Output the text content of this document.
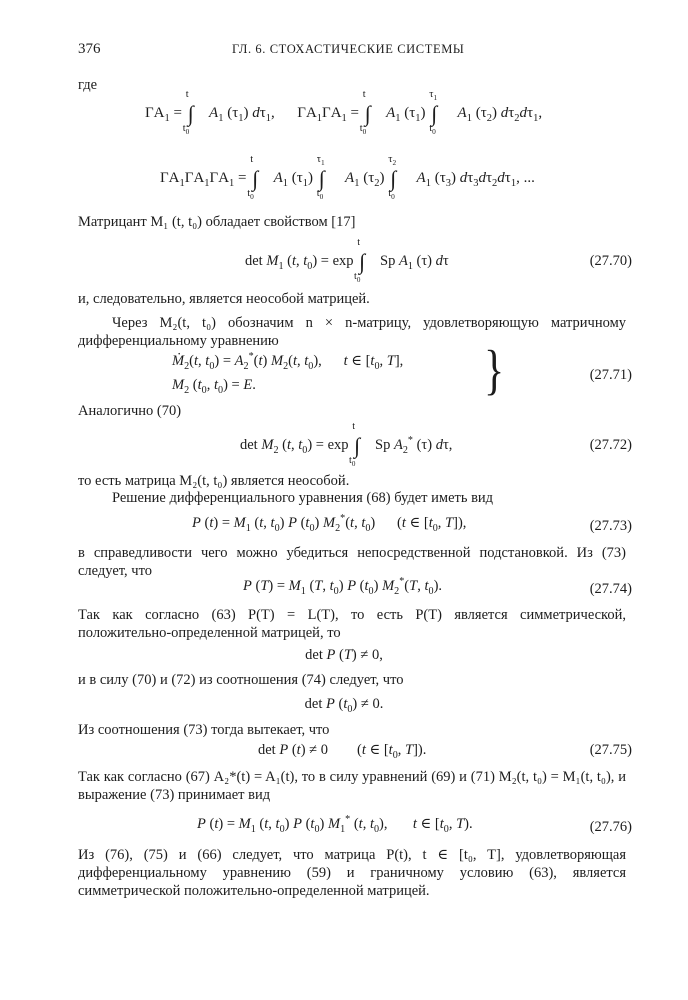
376	ГЛ. 6. СТОХАСТИЧЕСКИЕ СИСТЕМЫ
где
$\Gamma A_1 = \int^t_{t_0}$ $A_1$ $(\tau_1)$ $d\tau_1$,      $\Gamma A_1\Gamma A_1 = \int^t_{t_0}$ $A_1$ $(\tau_1)$ ∫$^{\tau_1}_{t_0}$ $A_1$ $(\tau_2)$ $d\tau_2d\tau_1$,
$\Gamma A_1\Gamma A_1\Gamma A_1 = \int^t_{t_0}$ $A_1$ $(\tau_1)$ ∫$^{\tau_1}_{t_0}$ $A_1$ $(\tau_2)$ ∫$^{\tau_2}_{t_0}$ $A_1$ $(\tau_3)$ $d\tau_3d\tau_2d\tau_1$, ...
Матрицант M₁ (t, t₀) обладает свойством [17]
$\det M_1$ (t, $t_0) = \exp \int^t_{t_0}$ Sp $A_1$ (τ) dτ	(27.70)
и, следовательно, является неособой матрицей.
Через M₂(t, t₀) обозначим n × n-матрицу, удовлетворяющую матричному дифференциальному уравнению
Ṁ$_2$(t, $t_0) = A_2^*(t)$ $M_2(t$, $t_0$),      t ∈ [$t_0$, T],
$M_2$ ($t_0$, $t_0) = E$.	}	(27.71)
Аналогично (70)
$\det M_2$ (t, $t_0) = \exp \int^t_{t_0}$ Sp $A_2^*$ (τ) dτ,	(27.72)
то есть матрица M₂(t, t₀) является неособой.
Решение дифференциального уравнения (68) будет иметь вид
P $(t) = M_1$ (t, $t_0$) P $(t_0)$ $M_2^*(t$, $t_0$)      (t ∈ [$t_0$, T]),	(27.73)
в справедливости чего можно убедиться непосредственной подстановкой. Из (73) следует, что
P $(T) = M_1$ (T, $t_0$) P $(t_0)$ $M_2^*(T$, $t_0$).	(27.74)
Так как согласно (63) P(T) = L(T), то есть P(T) является симметрической, положительно-определенной матрицей, то
det P (T) ≠ 0,
и в силу (70) и (72) из соотношения (74) следует, что
det P $(t_0) \ne 0$.
Из соотношения (73) тогда вытекает, что
det P (t) ≠ 0        (t ∈ [$t_0$, T]).	(27.75)
Так как согласно (67) A₂*(t) = A₁(t), то в силу уравнений (69) и (71) M₂(t, t₀) = M₁(t, t₀), и выражение (73) принимает вид
P $(t) = M_1$ (t, $t_0$) P $(t_0)$ $M_1^*$ (t, $t_0$),       t ∈ [$t_0$, T).	(27.76)
Из (76), (75) и (66) следует, что матрица P(t), t ∈ [t₀, T], удовлетворяющая дифференциальному уравнению (59) и граничному условию (63), является симметрической положительно-определенной матрицей.
